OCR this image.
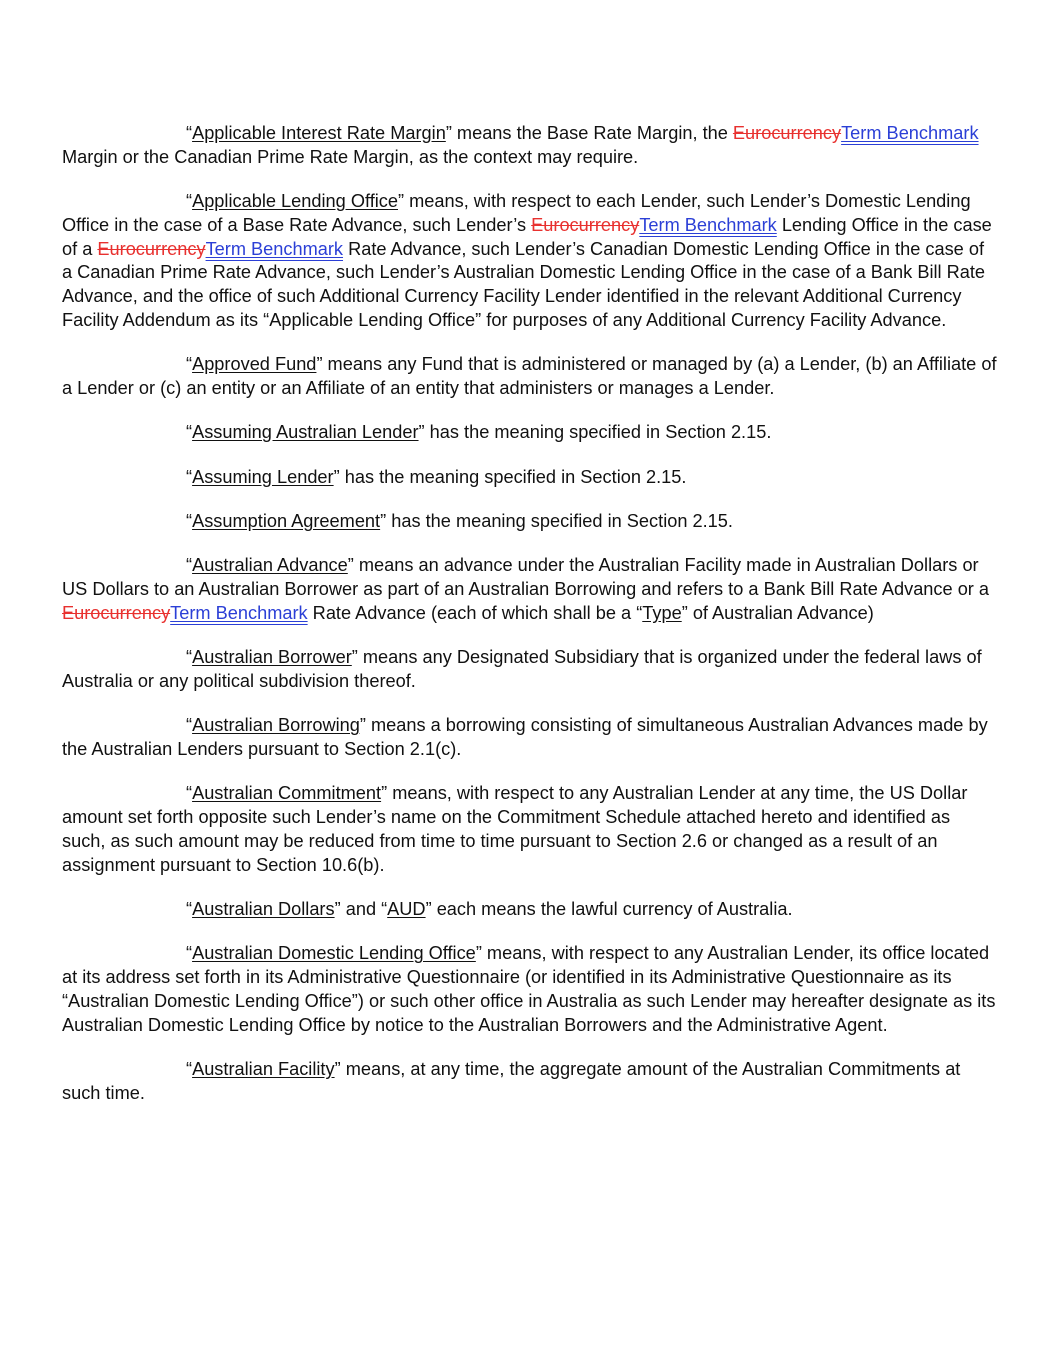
“Applicable Interest Rate Margin” means the Base Rate Margin, the EurocurrencyTerm Benchmark Margin or the Canadian Prime Rate Margin, as the context may require.

“Applicable Lending Office” means, with respect to each Lender, such Lender’s Domestic Lending Office in the case of a Base Rate Advance, such Lender’s EurocurrencyTerm Benchmark Lending Office in the case of a EurocurrencyTerm Benchmark Rate Advance, such Lender’s Canadian Domestic Lending Office in the case of a Canadian Prime Rate Advance, such Lender’s Australian Domestic Lending Office in the case of a Bank Bill Rate Advance, and the office of such Additional Currency Facility Lender identified in the relevant Additional Currency Facility Addendum as its “Applicable Lending Office” for purposes of any Additional Currency Facility Advance.

“Approved Fund” means any Fund that is administered or managed by (a) a Lender, (b) an Affiliate of a Lender or (c) an entity or an Affiliate of an entity that administers or manages a Lender.

“Assuming Australian Lender” has the meaning specified in Section 2.15.

“Assuming Lender” has the meaning specified in Section 2.15.

“Assumption Agreement” has the meaning specified in Section 2.15.

“Australian Advance” means an advance under the Australian Facility made in Australian Dollars or US Dollars to an Australian Borrower as part of an Australian Borrowing and refers to a Bank Bill Rate Advance or a EurocurrencyTerm Benchmark Rate Advance (each of which shall be a “Type” of Australian Advance)

“Australian Borrower” means any Designated Subsidiary that is organized under the federal laws of Australia or any political subdivision thereof.

“Australian Borrowing” means a borrowing consisting of simultaneous Australian Advances made by the Australian Lenders pursuant to Section 2.1(c).

“Australian Commitment” means, with respect to any Australian Lender at any time, the US Dollar amount set forth opposite such Lender’s name on the Commitment Schedule attached hereto and identified as such, as such amount may be reduced from time to time pursuant to Section 2.6 or changed as a result of an assignment pursuant to Section 10.6(b).

“Australian Dollars” and “AUD” each means the lawful currency of Australia.

“Australian Domestic Lending Office” means, with respect to any Australian Lender, its office located at its address set forth in its Administrative Questionnaire (or identified in its Administrative Questionnaire as its “Australian Domestic Lending Office”) or such other office in Australia as such Lender may hereafter designate as its Australian Domestic Lending Office by notice to the Australian Borrowers and the Administrative Agent.

“Australian Facility” means, at any time, the aggregate amount of the Australian Commitments at such time.
